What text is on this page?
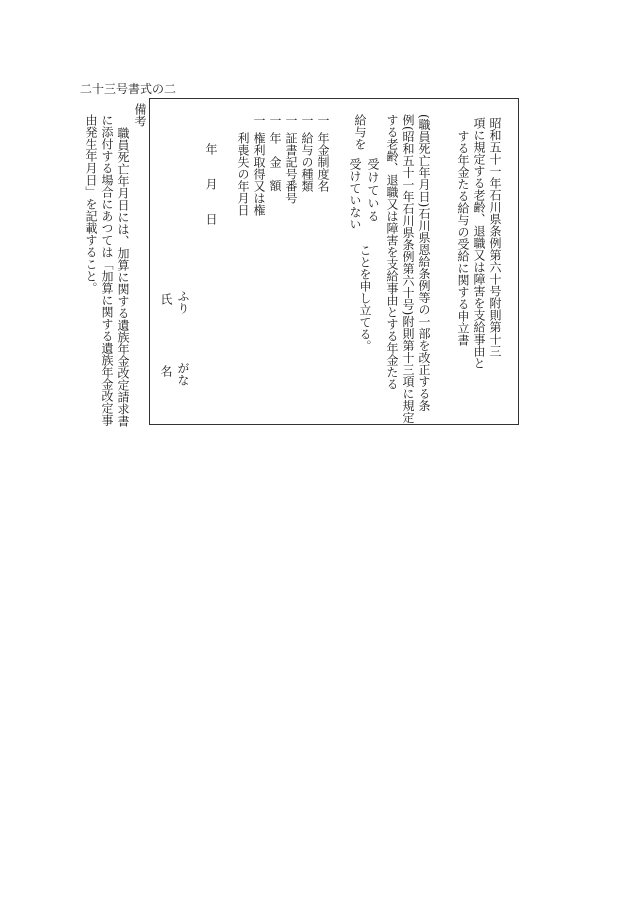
二十三号書式の二
昭和五十一年石川県条例第六十号附則第十三
項に規定する老齢、退職又は障害を支給事由と
する年金たる給与の受給に関する申立書
(職員死亡年月日)石川県恩給条例等の一部を改正する条
例(昭和五十一年石川県条例第六十号)附則第十三項に規定
する老齢、退職又は障害を支給事由とする年金たる
給与を
受けている
受けていない
ことを申し立てる。
一
年金制度名
一
給与の種類
一
証書記号番号
一
年 金 額
一
権利取得又は権
利喪失の年月日
年
月
日
ふり
がな
氏
名
備考
職員死亡年月日には、加算に関する遺族年金改定請求書
に添付する場合にあつては「加算に関する遺族年金改定事
由発生年月日」を記載すること。
